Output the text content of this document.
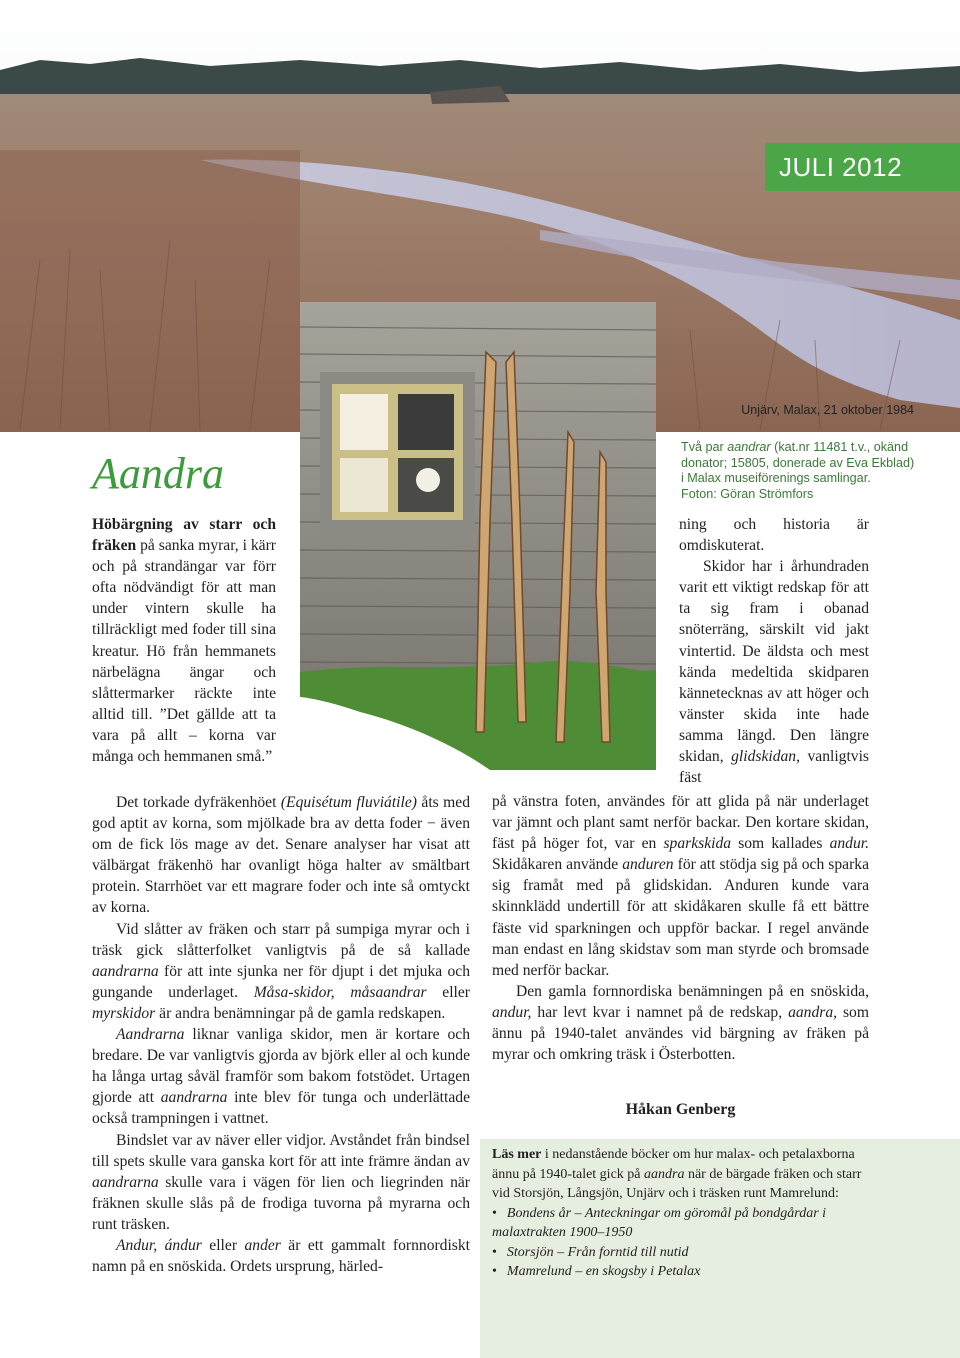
JULI 2012
Unjärv, Malax, 21 oktober 1984
Aandra
Två par aandrar (kat.nr 11481 t.v., okänd
donator; 15805, donerade av Eva Ekblad)
i Malax museiförenings samlingar.
Foton: Göran Strömfors

Höbärgning av starr och fräken på sanka myrar, i kärr och på strandängar var förr ofta nödvändigt för att man under vintern skulle ha tillräckligt med foder till sina kreatur. Hö från hemmanets närbelägna ängar och slåttermarker räckte inte alltid till. ”Det gällde att ta vara på allt – korna var många och hemmanen små.”

Det torkade dyfräkenhöet (Equisétum fluviátile) åts med god aptit av korna, som mjölkade bra av detta foder − även om de fick lös mage av det. Senare analyser har visat att välbärgat fräkenhö har ovanligt höga halter av smältbart protein. Starrhöet var ett magrare foder och inte så omtyckt av korna.

Vid slåtter av fräken och starr på sumpiga myrar och i träsk gick slåtterfolket vanligtvis på de så kallade aandrarna för att inte sjunka ner för djupt i det mjuka och gungande underlaget. Måsa-skidor, måsaandrar eller myrskidor är andra benämningar på de gamla redskapen.

Aandrarna liknar vanliga skidor, men är kortare och bredare. De var vanligtvis gjorda av björk eller al och kunde ha långa urtag såväl framför som bakom fotstödet. Urtagen gjorde att aandrarna inte blev för tunga och underlättade också trampningen i vattnet.

Bindslet var av näver eller vidjor. Avståndet från bindsel till spets skulle vara ganska kort för att inte främre ändan av aandrarna skulle vara i vägen för lien och liegrinden när fräknen skulle slås på de frodiga tuvorna på myrarna och runt träsken.

Andur, ándur eller ander är ett gammalt fornnordiskt namn på en snöskida. Ordets ursprung, härled-

ning och historia är omdiskuterat.

Skidor har i århundraden varit ett viktigt redskap för att ta sig fram i obanad snöterräng, särskilt vid jakt vintertid. De äldsta och mest kända medeltida skidparen kännetecknas av att höger och vänster skida inte hade samma längd. Den längre skidan, glidskidan, vanligtvis fäst

på vänstra foten, användes för att glida på när underlaget var jämnt och plant samt nerför backar. Den kortare skidan, fäst på höger fot, var en sparkskida som kallades andur. Skidåkaren använde anduren för att stödja sig på och sparka sig framåt med på glidskidan. Anduren kunde vara skinnklädd undertill för att skidåkaren skulle få ett bättre fäste vid sparkningen och uppför backar. I regel använde man endast en lång skidstav som man styrde och bromsade med nerför backar.

Den gamla fornnordiska benämningen på en snöskida, andur, har levt kvar i namnet på de redskap, aandra, som ännu på 1940-talet användes vid bärgning av fräken på myrar och omkring träsk i Österbotten.

Håkan Genberg

Läs mer i nedanstående böcker om hur malax- och petalaxborna ännu på 1940-talet gick på aandra när de bärgade fräken och starr vid Storsjön, Långsjön, Unjärv och i träsken runt Mamrelund:

• Bondens år – Anteckningar om göromål på bondgårdar i malaxtrakten 1900–1950
• Storsjön – Från forntid till nutid
• Mamrelund – en skogsby i Petalax
